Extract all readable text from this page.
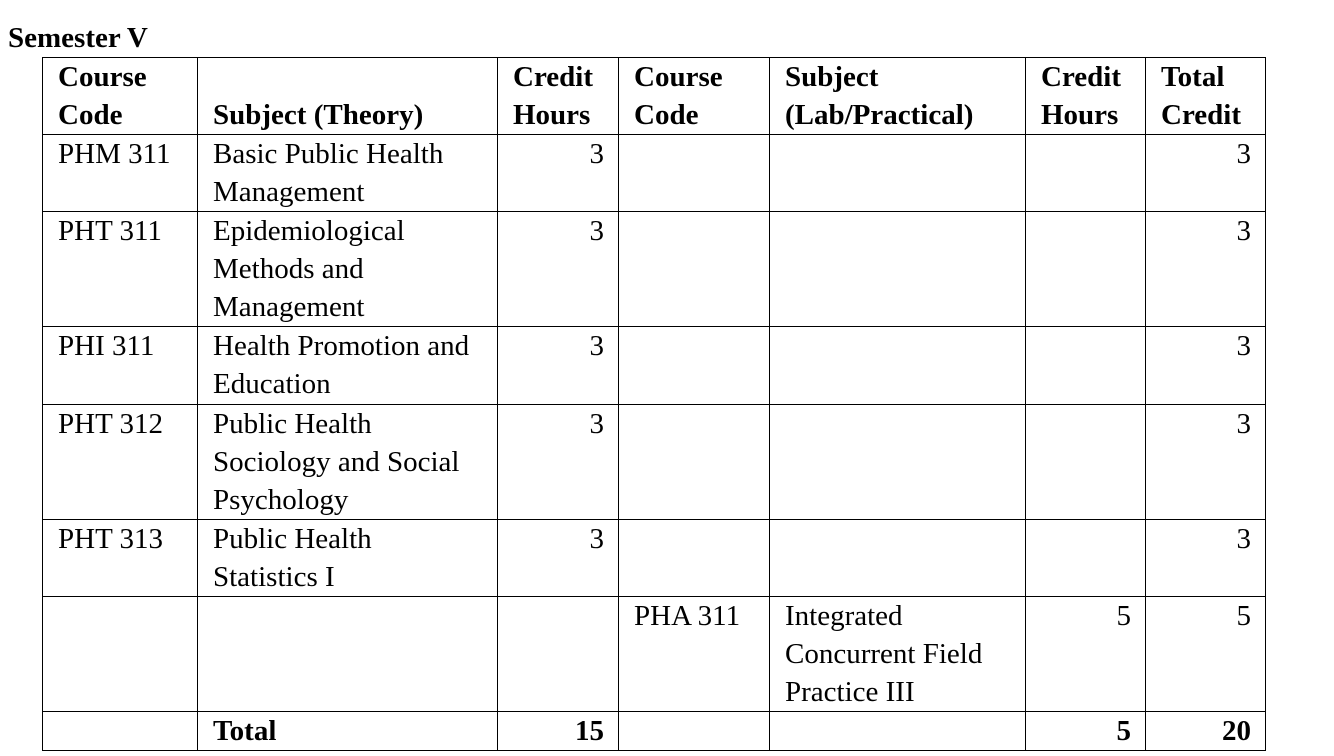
Semester V
Course Code	Subject (Theory)	Credit Hours	Course Code	Subject (Lab/Practical)	Credit Hours	Total Credit
PHM 311	Basic Public Health Management	3				3
PHT 311	Epidemiological Methods and Management	3				3
PHI 311	Health Promotion and Education	3				3
PHT 312	Public Health Sociology and Social Psychology	3				3
PHT 313	Public Health Statistics I	3				3
			PHA 311	Integrated Concurrent Field Practice III	5	5
	Total	15			5	20
